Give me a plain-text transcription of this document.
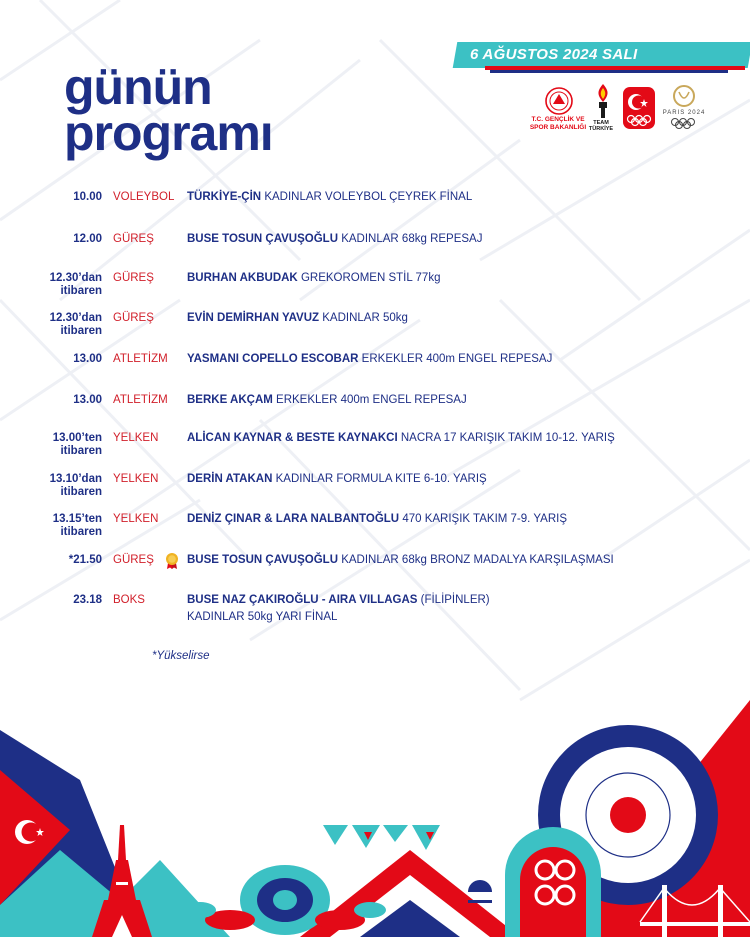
6 AĞUSTOS 2024 SALI
günün
programı	T.C. GENÇLİK VE SPOR BAKANLIĞI
TEAM TÜRKİYE
PARIS 2024
10.00 VOLEYBOL TÜRKİYE-ÇİN KADINLAR VOLEYBOL ÇEYREK FİNAL
12.00 GÜREŞ	BUSE TOSUN ÇAVUŞOĞLU KADINLAR 68kg REPESAJ
12.30’dan itibaren
GÜREŞ	BURHAN AKBUDAK GREKOROMEN STİL 77kg
12.30’dan itibaren
GÜREŞ	EVİN DEMİRHAN YAVUZ KADINLAR 50kg
13.00 ATLETİZM YASMANI COPELLO ESCOBAR ERKEKLER 400m ENGEL REPESAJ
13.00 ATLETİZM BERKE AKÇAM ERKEKLER 400m ENGEL REPESAJ
13.00’ten itibaren
YELKEN ALİCAN KAYNAR & BESTE KAYNAKCI NACRA 17 KARIŞIK TAKIM 10-12. YARIŞ
13.10’dan itibaren
YELKEN DERİN ATAKAN KADINLAR FORMULA KITE 6-10. YARIŞ
13.15’ten itibaren
YELKEN DENİZ ÇINAR & LARA NALBANTOĞLU 470 KARIŞIK TAKIM 7-9. YARIŞ
*21.50 GÜREŞ	BUSE TOSUN ÇAVUŞOĞLU KADINLAR 68kg BRONZ MADALYA KARŞILAŞMASI
23.18 BOKS	BUSE NAZ ÇAKIROĞLU - AIRA VILLAGAS (FİLİPİNLER)
KADINLAR 50kg YARI FİNAL
*Yükselirse
